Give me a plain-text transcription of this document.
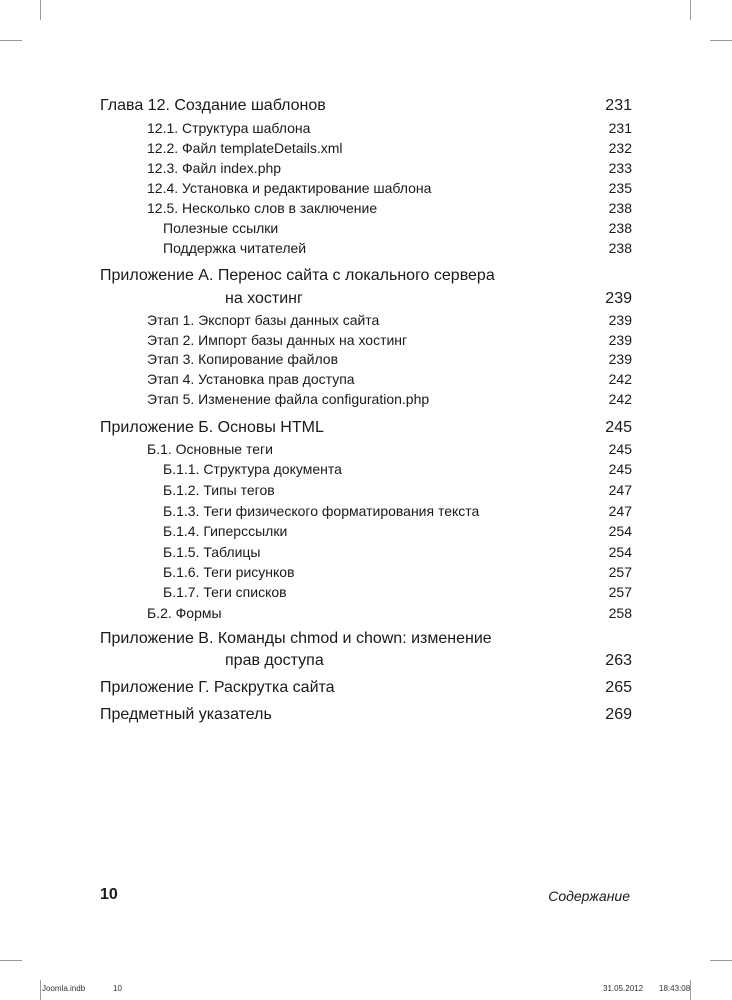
Глава 12. Создание шаблонов	231
12.1. Структура шаблона	231
12.2. Файл templateDetails.xml	232
12.3. Файл index.php	233
12.4. Установка и редактирование шаблона	235
12.5. Несколько слов в заключение	238
Полезные ссылки	238
Поддержка читателей	238
Приложение А. Перенос сайта с локального сервера
на хостинг	239
Этап 1. Экспорт базы данных сайта	239
Этап 2. Импорт базы данных на хостинг	239
Этап 3. Копирование файлов	239
Этап 4. Установка прав доступа	242
Этап 5. Изменение файла configuration.php	242
Приложение Б. Основы HTML	245
Б.1. Основные теги	245
Б.1.1. Структура документа	245
Б.1.2. Типы тегов	247
Б.1.3. Теги физического форматирования текста	247
Б.1.4. Гиперссылки	254
Б.1.5. Таблицы	254
Б.1.6. Теги рисунков	257
Б.1.7. Теги списков	257
Б.2. Формы	258
Приложение В. Команды chmod и chown: изменение
прав доступа	263
Приложение Г. Раскрутка сайта	265
Предметный указатель	269
10	Содержание
Joomla.indb	10	31.05.2012 18:43:08
